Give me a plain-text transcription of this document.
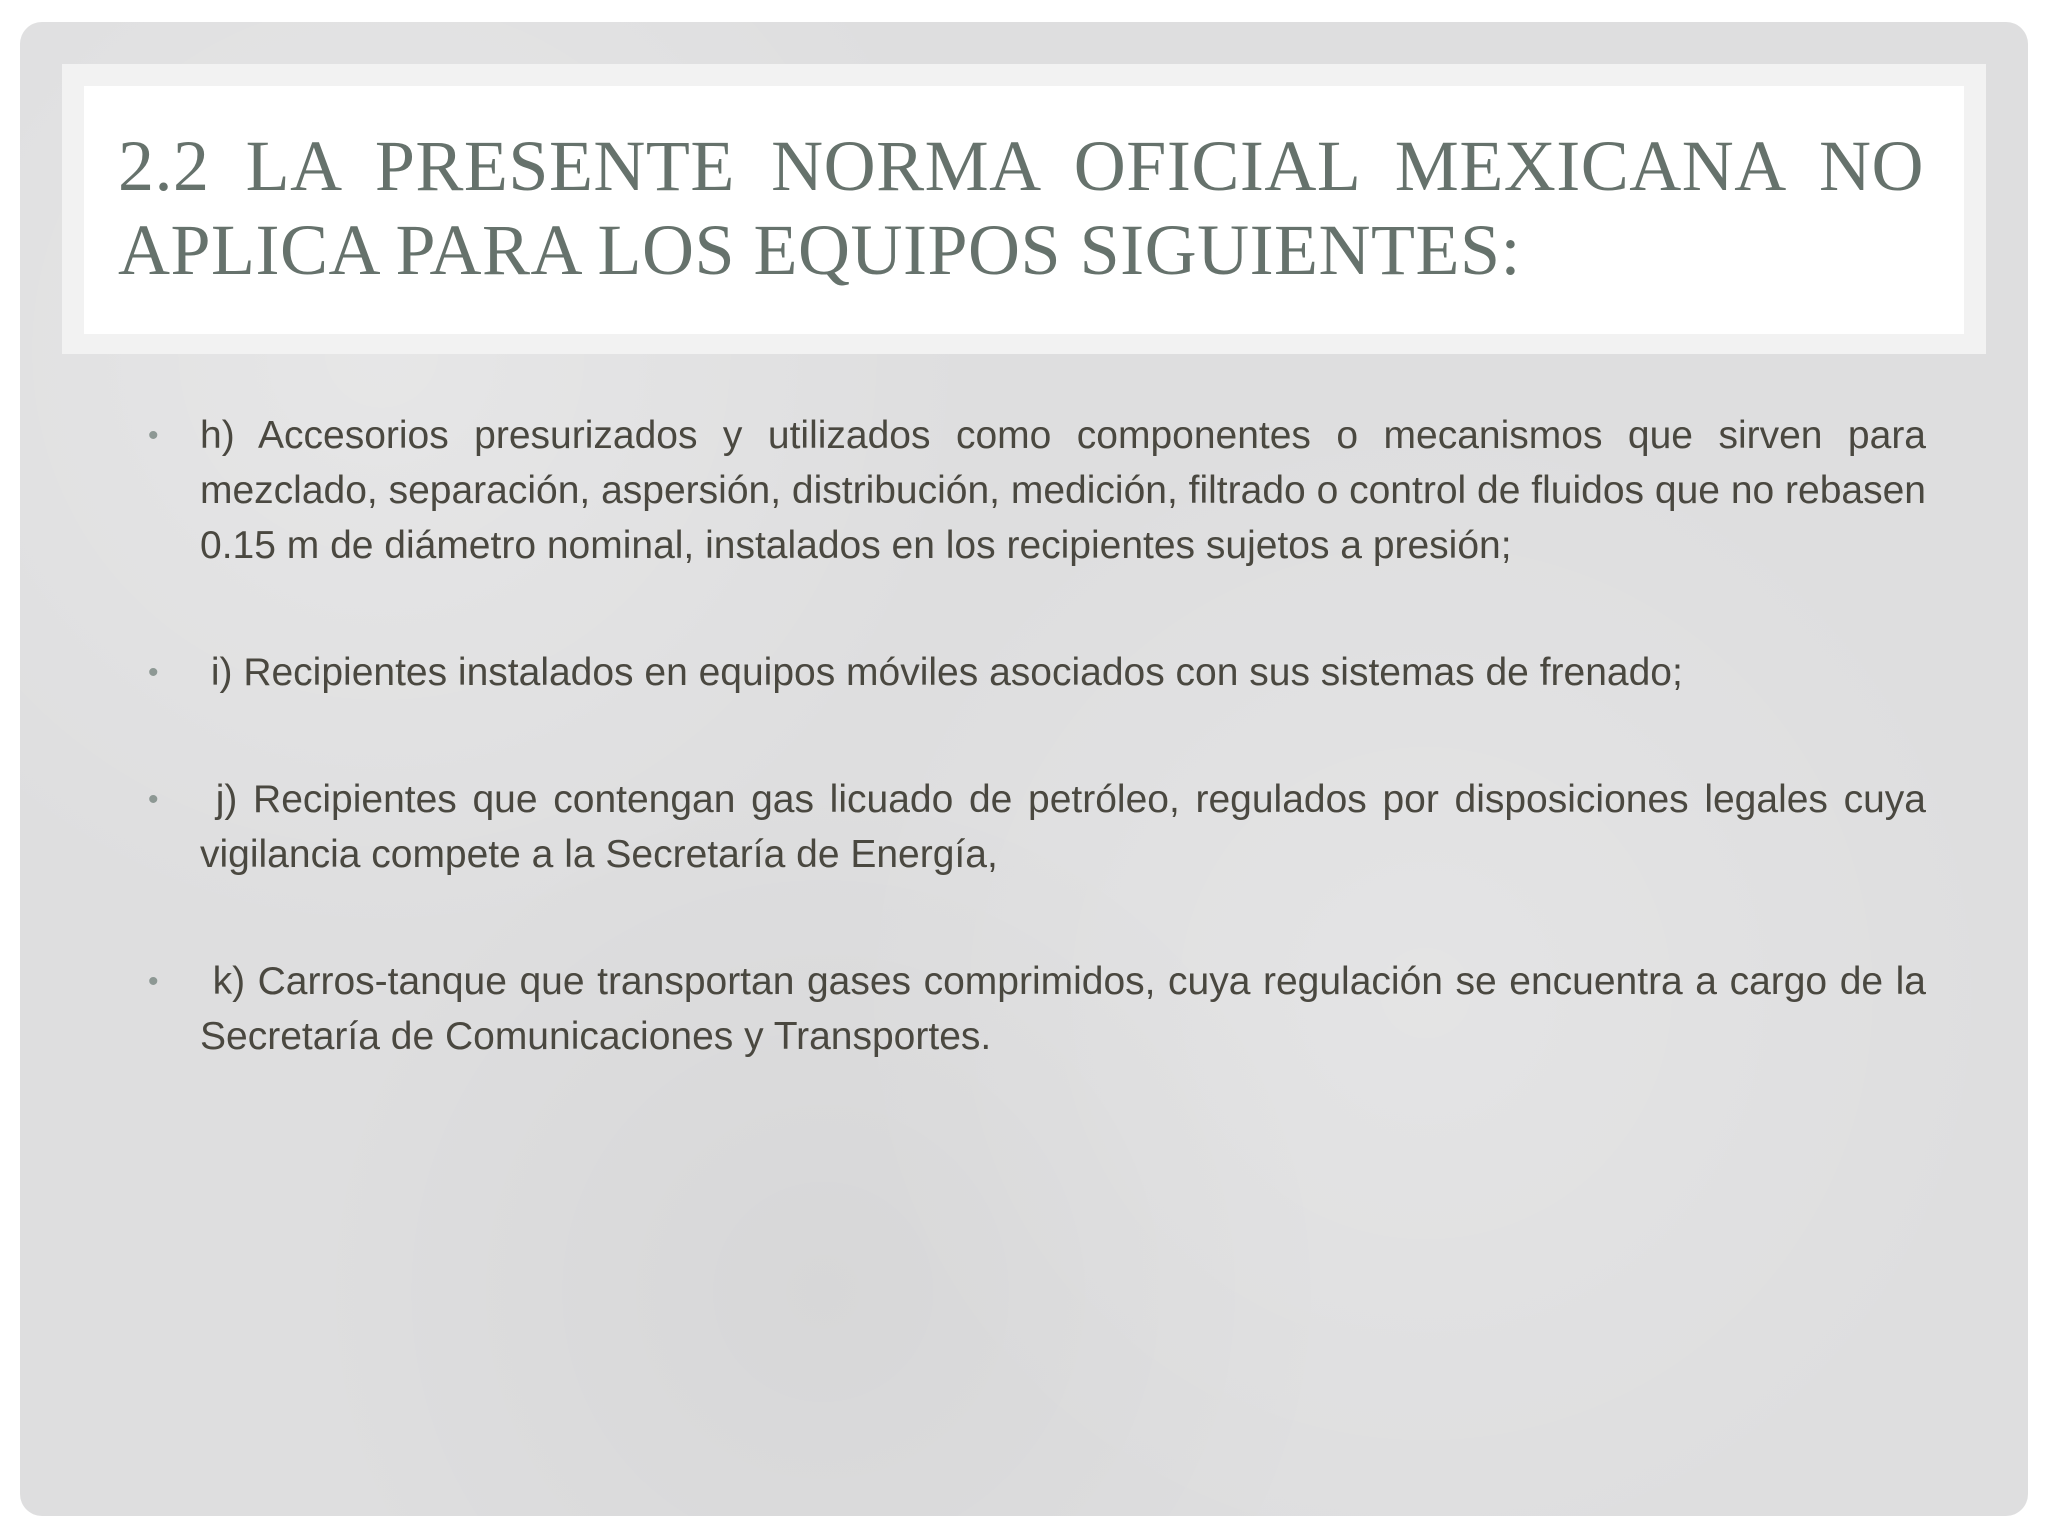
2.2 LA PRESENTE NORMA OFICIAL MEXICANA NO APLICA PARA LOS EQUIPOS SIGUIENTES:
• h) Accesorios presurizados y utilizados como componentes o mecanismos que sirven para mezclado, separación, aspersión, distribución, medición, filtrado o control de fluidos que no rebasen 0.15 m de diámetro nominal, instalados en los recipientes sujetos a presión;
• i) Recipientes instalados en equipos móviles asociados con sus sistemas de frenado;
• j) Recipientes que contengan gas licuado de petróleo, regulados por disposiciones legales cuya vigilancia compete a la Secretaría de Energía,
• k) Carros-tanque que transportan gases comprimidos, cuya regulación se encuentra a cargo de la Secretaría de Comunicaciones y Transportes.
